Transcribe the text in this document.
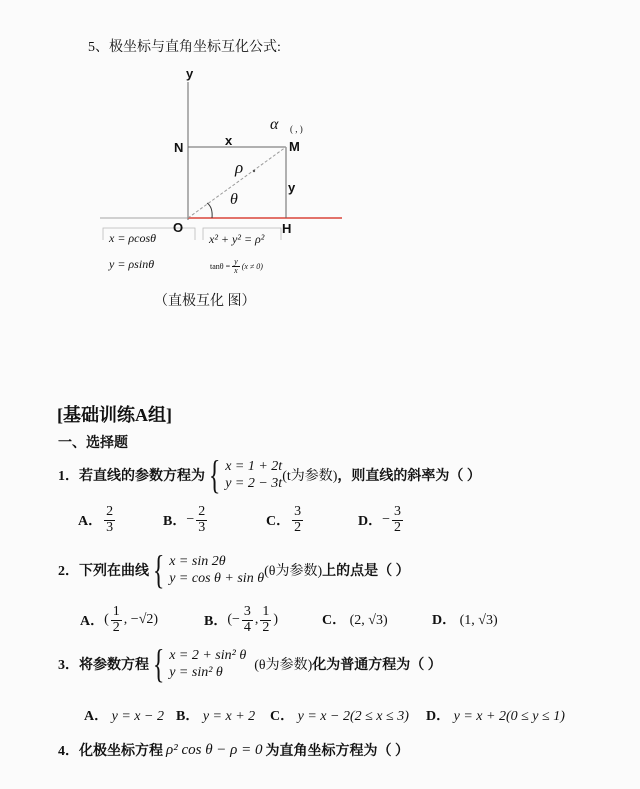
5、极坐标与直角坐标互化公式:
y
N	M
x
y
α ( , )
ρ
θ
O	H
x = ρcosθ
y = ρsinθ
x² + y² = ρ²
$\tan\theta = \frac{y}{x} (x \ne 0)$
（直极互化 图）
[基础训练A组]
一、选择题
1． 若直线的参数方程为 { x = 1 + 2t
y = 2 − 3t (t为参数) ，则直线的斜率为（ ）
A． $\frac{2}{3}$	B． − $\frac{2}{3}$	C． $\frac{3}{2}$	D． − $\frac{3}{2}$
2． 下列在曲线 { x = sin 2θ
y = cos θ + sin θ (θ为参数) 上的点是（ ）
A． ( $\frac{1}{2}$ , −√2)	B． (− $\frac{3}{4}$ , $\frac{1}{2}$ )	C． (2, √3)	D． (1, √3)
3． 将参数方程 { x = 2 + sin² θ
y = sin² θ	(θ为参数) 化为普通方程为（ ）
A． y = x − 2 B． y = x + 2 C． y = x − 2(2 ≤ x ≤ 3) D． y = x + 2(0 ≤ y ≤ 1)
4． 化极坐标方程 ρ² cos θ − ρ = 0 为直角坐标方程为（ ）
